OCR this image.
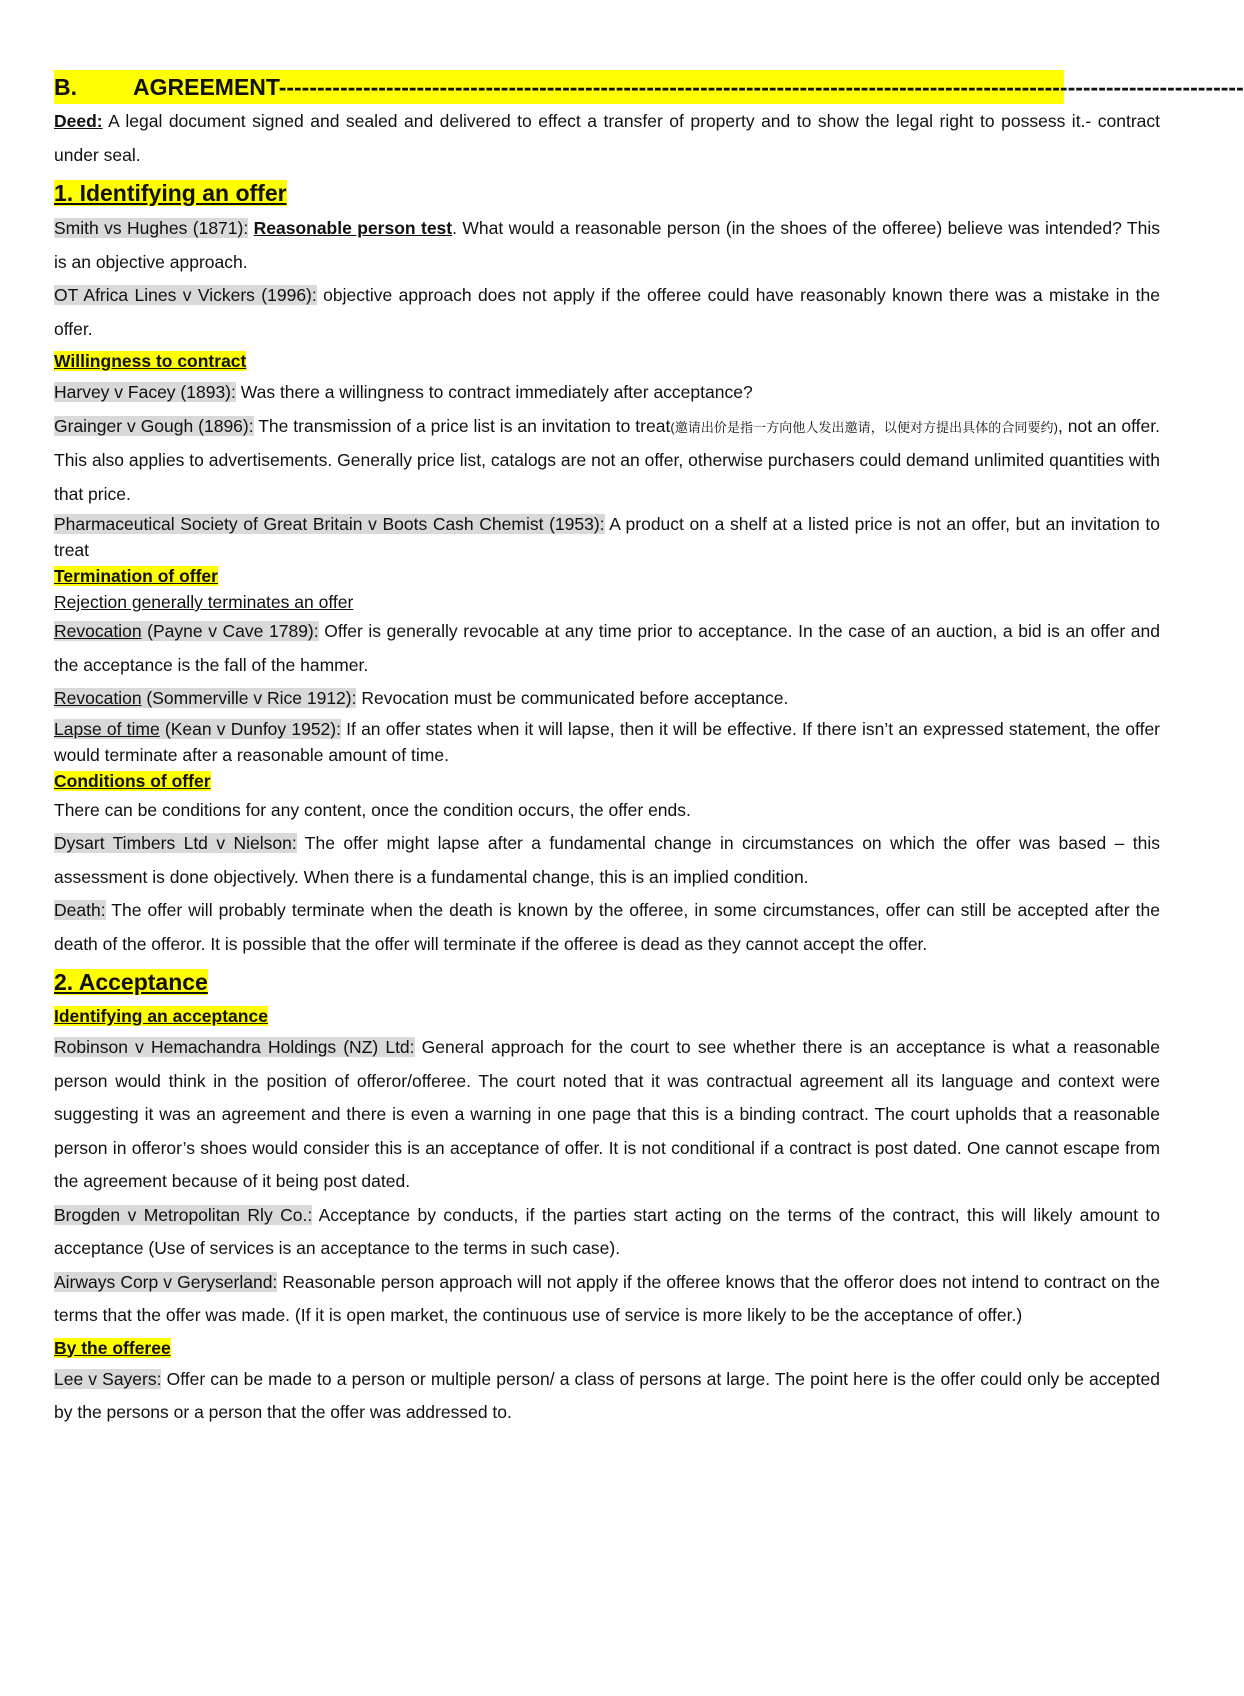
B. AGREEMENT------------------------------------------------------------------------------------------------------------------------------

Deed: A legal document signed and sealed and delivered to effect a transfer of property and to show the legal right to possess it.- contract under seal.

1. Identifying an offer

Smith vs Hughes (1871): Reasonable person test. What would a reasonable person (in the shoes of the offeree) believe was intended? This is an objective approach.

OT Africa Lines v Vickers (1996): objective approach does not apply if the offeree could have reasonably known there was a mistake in the offer.

Willingness to contract

Harvey v Facey (1893): Was there a willingness to contract immediately after acceptance?

Grainger v Gough (1896): The transmission of a price list is an invitation to treat(邀请出价是指一方向他人发出邀请，以便对方提出具体的合同要约), not an offer. This also applies to advertisements. Generally price list, catalogs are not an offer, otherwise purchasers could demand unlimited quantities with that price.

Pharmaceutical Society of Great Britain v Boots Cash Chemist (1953): A product on a shelf at a listed price is not an offer, but an invitation to treat

Termination of offer

Rejection generally terminates an offer

Revocation (Payne v Cave 1789): Offer is generally revocable at any time prior to acceptance. In the case of an auction, a bid is an offer and the acceptance is the fall of the hammer.

Revocation (Sommerville v Rice 1912): Revocation must be communicated before acceptance.

Lapse of time (Kean v Dunfoy 1952): If an offer states when it will lapse, then it will be effective. If there isn’t an expressed statement, the offer would terminate after a reasonable amount of time.

Conditions of offer

There can be conditions for any content, once the condition occurs, the offer ends.

Dysart Timbers Ltd v Nielson: The offer might lapse after a fundamental change in circumstances on which the offer was based – this assessment is done objectively. When there is a fundamental change, this is an implied condition.

Death: The offer will probably terminate when the death is known by the offeree, in some circumstances, offer can still be accepted after the death of the offeror. It is possible that the offer will terminate if the offeree is dead as they cannot accept the offer.

2. Acceptance
Identifying an acceptance

Robinson v Hemachandra Holdings (NZ) Ltd: General approach for the court to see whether there is an acceptance is what a reasonable person would think in the position of offeror/offeree. The court noted that it was contractual agreement all its language and context were suggesting it was an agreement and there is even a warning in one page that this is a binding contract. The court upholds that a reasonable person in offeror’s shoes would consider this is an acceptance of offer. It is not conditional if a contract is post dated. One cannot escape from the agreement because of it being post dated.

Brogden v Metropolitan Rly Co.: Acceptance by conducts, if the parties start acting on the terms of the contract, this will likely amount to acceptance (Use of services is an acceptance to the terms in such case).

Airways Corp v Geryserland: Reasonable person approach will not apply if the offeree knows that the offeror does not intend to contract on the terms that the offer was made. (If it is open market, the continuous use of service is more likely to be the acceptance of offer.)

By the offeree

Lee v Sayers: Offer can be made to a person or multiple person/ a class of persons at large. The point here is the offer could only be accepted by the persons or a person that the offer was addressed to.
